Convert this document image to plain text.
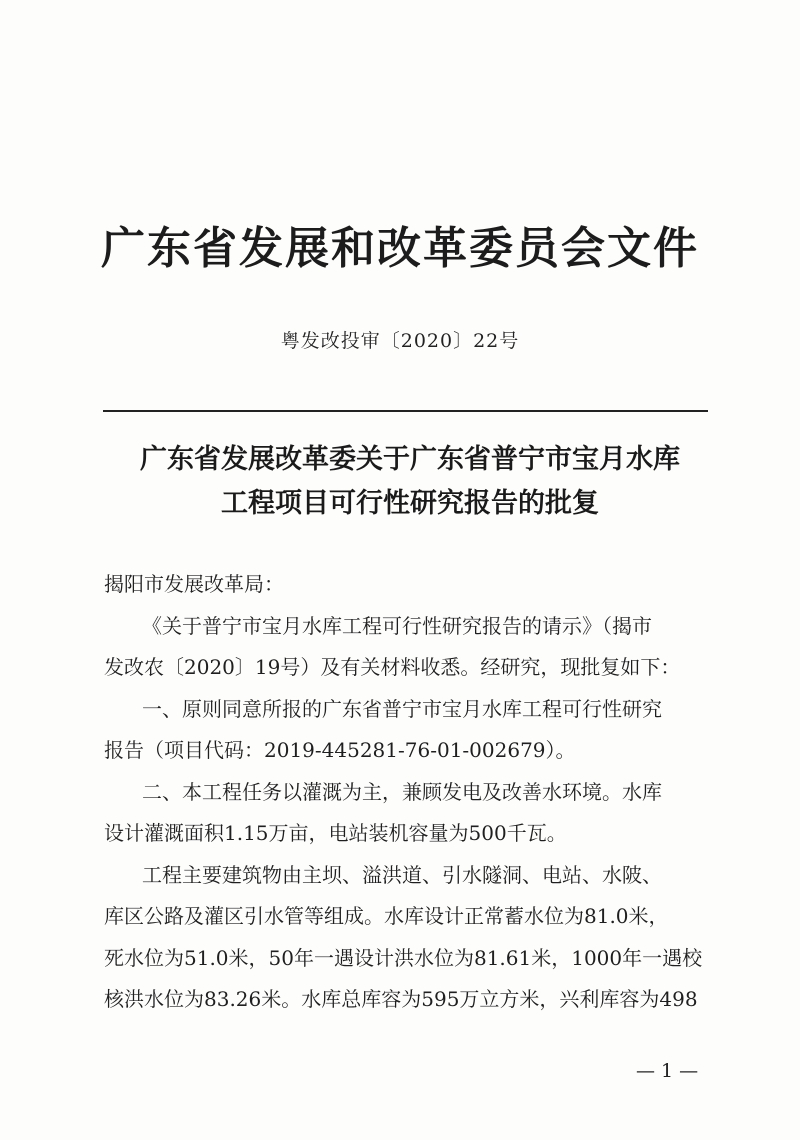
广东省发展和改革委员会文件
粤发改投审〔2020〕22号
广东省发展改革委关于广东省普宁市宝月水库
工程项目可行性研究报告的批复
揭阳市发展改革局：
《关于普宁市宝月水库工程可行性研究报告的请示》（揭市
发改农〔2020〕19号）及有关材料收悉。经研究，现批复如下：
一、原则同意所报的广东省普宁市宝月水库工程可行性研究
报告（项目代码：2019-445281-76-01-002679）。
二、本工程任务以灌溉为主，兼顾发电及改善水环境。水库
设计灌溉面积1.15万亩，电站装机容量为500千瓦。
工程主要建筑物由主坝、溢洪道、引水隧洞、电站、水陂、
库区公路及灌区引水管等组成。水库设计正常蓄水位为81.0米，
死水位为51.0米，50年一遇设计洪水位为81.61米，1000年一遇校
核洪水位为83.26米。水库总库容为595万立方米，兴利库容为498
— 1 —
